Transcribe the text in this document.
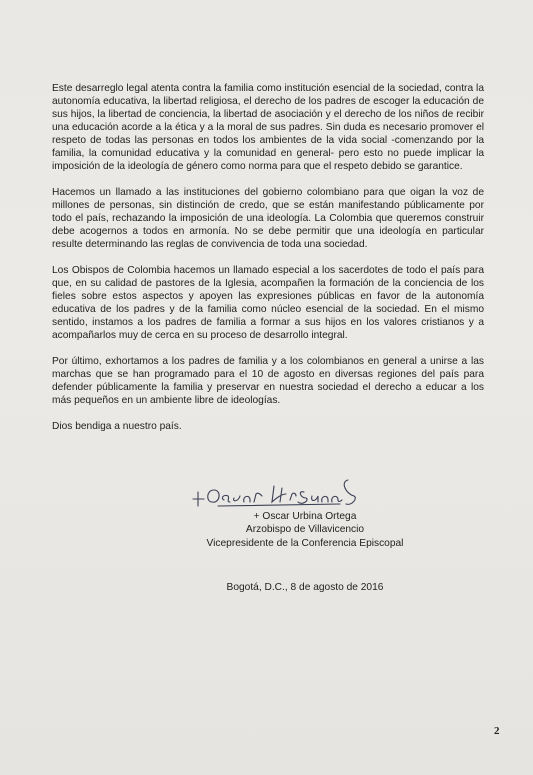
Este desarreglo legal atenta contra la familia como institución esencial de la sociedad, contra la autonomía educativa, la libertad religiosa, el derecho de los padres de escoger la educación de sus hijos, la libertad de conciencia, la libertad de asociación y el derecho de los niños de recibir una educación acorde a la ética y a la moral de sus padres. Sin duda es necesario promover el respeto de todas las personas en todos los ambientes de la vida social -comenzando por la familia, la comunidad educativa y la comunidad en general- pero esto no puede implicar la imposición de la ideología de género como norma para que el respeto debido se garantice.

Hacemos un llamado a las instituciones del gobierno colombiano para que oigan la voz de millones de personas, sin distinción de credo, que se están manifestando públicamente por todo el país, rechazando la imposición de una ideología. La Colombia que queremos construir debe acogernos a todos en armonía. No se debe permitir que una ideología en particular resulte determinando las reglas de convivencia de toda una sociedad.

Los Obispos de Colombia hacemos un llamado especial a los sacerdotes de todo el país para que, en su calidad de pastores de la Iglesia, acompañen la formación de la conciencia de los fieles sobre estos aspectos y apoyen las expresiones públicas en favor de la autonomía educativa de los padres y de la familia como núcleo esencial de la sociedad. En el mismo sentido, instamos a los padres de familia a formar a sus hijos en los valores cristianos y a acompañarlos muy de cerca en su proceso de desarrollo integral.

Por último, exhortamos a los padres de familia y a los colombianos en general a unirse a las marchas que se han programado para el 10 de agosto en diversas regiones del país para defender públicamente la familia y preservar en nuestra sociedad el derecho a educar a los más pequeños en un ambiente libre de ideologías.

Dios bendiga a nuestro país.

+ Oscar Urbina Ortega
Arzobispo de Villavicencio
Vicepresidente de la Conferencia Episcopal
Bogotá, D.C., 8 de agosto de 2016
2
